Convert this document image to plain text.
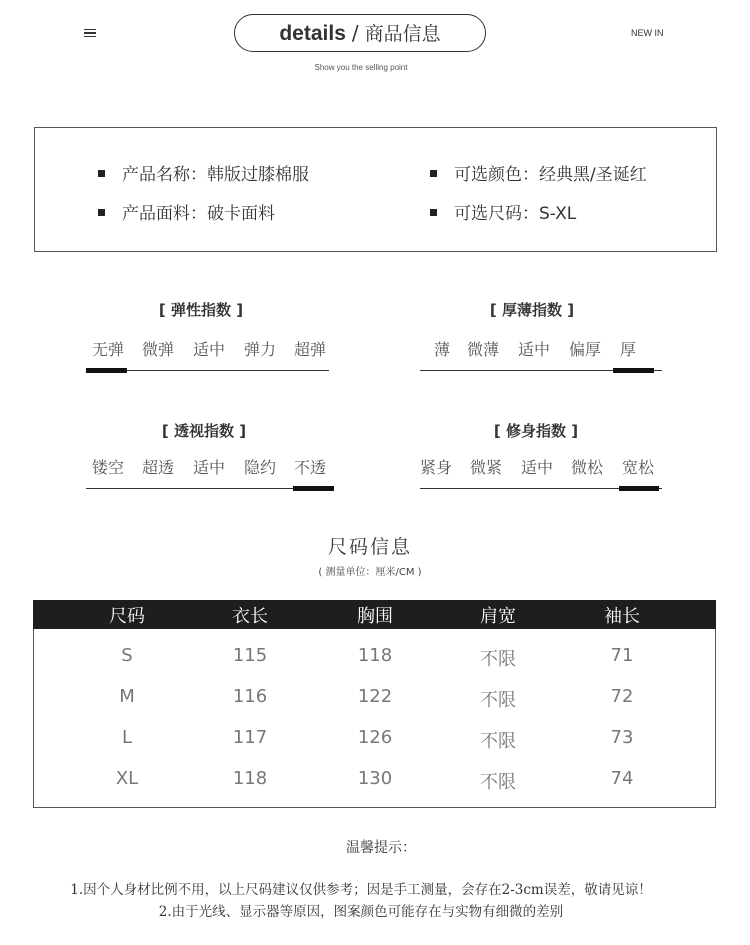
details / 商品信息	NEW IN
Show you the selling point
产品名称：韩版过膝棉服
产品面料：破卡面料
可选颜色：经典黑/圣诞红
可选尺码：S-XL
[ 弹性指数 ]
无弹 微弹 适中 弹力 超弹
[ 厚薄指数 ]
薄 微薄 适中 偏厚 厚
[ 透视指数 ]
镂空 超透 适中 隐约 不透
[ 修身指数 ]
紧身 微紧 适中 微松 宽松
尺码信息
( 测量单位：厘米/CM )
尺码	衣长	胸围	肩宽	袖长
S	115	118	不限	71
M	116	122	不限	72
L	117	126	不限	73
XL	118	130	不限	74
温馨提示：
1.因个人身材比例不用，以上尺码建议仅供参考；因是手工测量，会存在2-3cm误差，敬请见谅！
2.由于光线、显示器等原因，图案颜色可能存在与实物有细微的差别
